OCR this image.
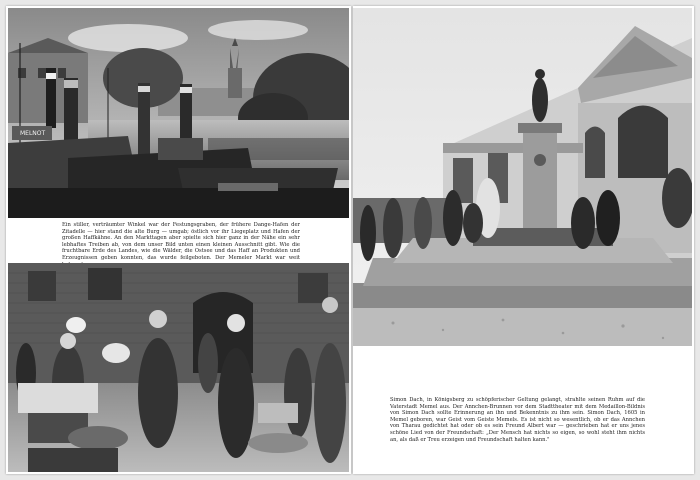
MELNOT

Ein stiller, verträumter Winkel war der Festungsgraben, der frühere Dange-Hafen der Zitadelle — hier stand die alte Burg — umgab; östlich vor ihr Liegeplatz und Hafen der großen Haffkähne. An den Markttagen aber spielte sich hier ganz in der Nähe ein sehr lebhaftes Treiben ab, von dem unser Bild unten einen kleinen Ausschnitt gibt. Wie die fruchtbare Erde des Landes, wie die Wälder, die Ostsee und das Haff an Produkten und Erzeugnissen geben konnten, das wurde feilgeboten. Der Memeler Markt war weit

Simon Dach, in Königsberg zu schöpferischer Geltung gelangt, strahlte seinen Ruhm auf die Vaterstadt Memel aus. Der Annchen-Brunnen vor dem Stadttheater mit dem Medaillon-Bildnis von Simon Dach sollte Erinnerung an ihn und Bekenntnis zu ihm sein. Simon Dach, 1605 in Memel geboren, war Geist vom Geiste Memels. Es ist nicht so wesentlich, ob er das Annchen von Tharau gedichtet hat oder ob es sein Freund Albert war — geschrieben hat er uns jenes schöne Lied von der Freundschaft: „Der Mensch hat nichts so eigen, so wohl steht ihm nichts an, als daß er Treu erzeigen und Freundschaft halten kann."
